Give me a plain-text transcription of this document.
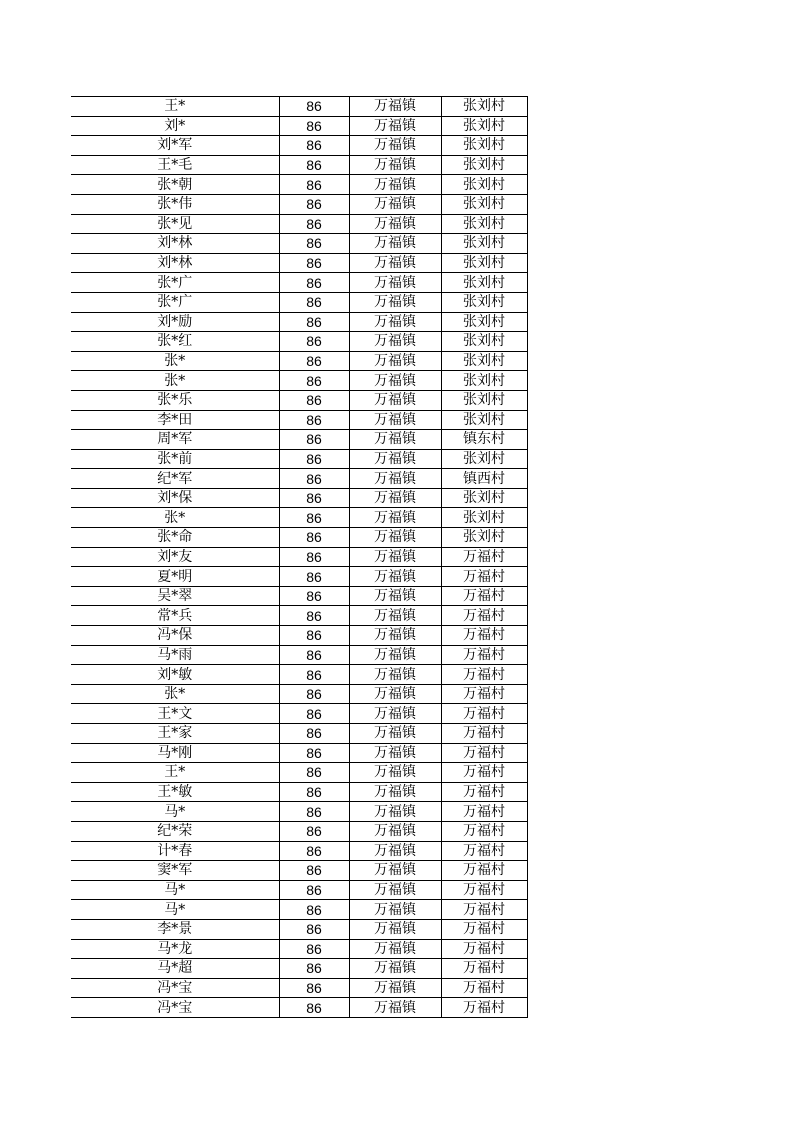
王*	86	万福镇	张刘村
刘*	86	万福镇	张刘村
刘*军	86	万福镇	张刘村
王*毛	86	万福镇	张刘村
张*朝	86	万福镇	张刘村
张*伟	86	万福镇	张刘村
张*见	86	万福镇	张刘村
刘*林	86	万福镇	张刘村
刘*林	86	万福镇	张刘村
张*广	86	万福镇	张刘村
张*广	86	万福镇	张刘村
刘*励	86	万福镇	张刘村
张*红	86	万福镇	张刘村
张*	86	万福镇	张刘村
张*	86	万福镇	张刘村
张*乐	86	万福镇	张刘村
李*田	86	万福镇	张刘村
周*军	86	万福镇	镇东村
张*前	86	万福镇	张刘村
纪*军	86	万福镇	镇西村
刘*保	86	万福镇	张刘村
张*	86	万福镇	张刘村
张*命	86	万福镇	张刘村
刘*友	86	万福镇	万福村
夏*明	86	万福镇	万福村
吴*翠	86	万福镇	万福村
常*兵	86	万福镇	万福村
冯*保	86	万福镇	万福村
马*雨	86	万福镇	万福村
刘*敏	86	万福镇	万福村
张*	86	万福镇	万福村
王*文	86	万福镇	万福村
王*家	86	万福镇	万福村
马*刚	86	万福镇	万福村
王*	86	万福镇	万福村
王*敏	86	万福镇	万福村
马*	86	万福镇	万福村
纪*荣	86	万福镇	万福村
计*春	86	万福镇	万福村
窦*军	86	万福镇	万福村
马*	86	万福镇	万福村
马*	86	万福镇	万福村
李*景	86	万福镇	万福村
马*龙	86	万福镇	万福村
马*超	86	万福镇	万福村
冯*宝	86	万福镇	万福村
冯*宝	86	万福镇	万福村
